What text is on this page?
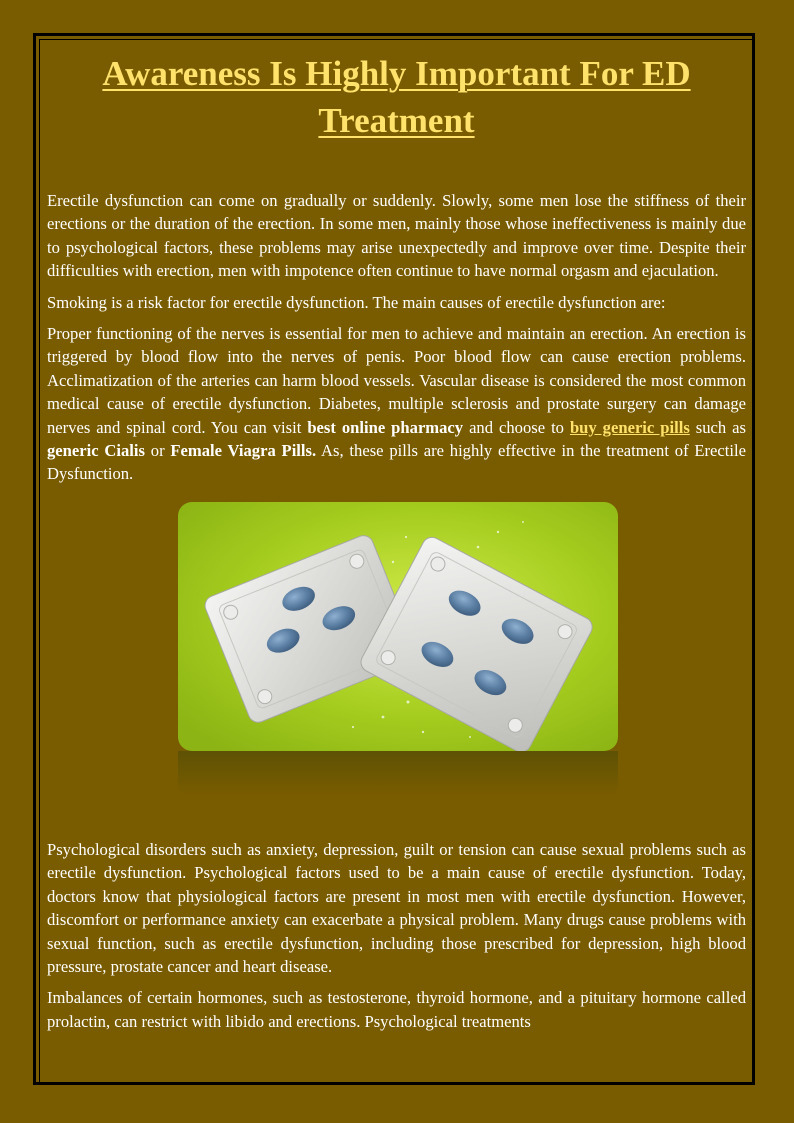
Awareness Is Highly Important For ED Treatment

Erectile dysfunction can come on gradually or suddenly. Slowly, some men lose the stiffness of their erections or the duration of the erection. In some men, mainly those whose ineffectiveness is mainly due to psychological factors, these problems may arise unexpectedly and improve over time. Despite their difficulties with erection, men with impotence often continue to have normal orgasm and ejaculation.

Smoking is a risk factor for erectile dysfunction. The main causes of erectile dysfunction are:

Proper functioning of the nerves is essential for men to achieve and maintain an erection. An erection is triggered by blood flow into the nerves of penis. Poor blood flow can cause erection problems. Acclimatization of the arteries can harm blood vessels. Vascular disease is considered the most common medical cause of erectile dysfunction. Diabetes, multiple sclerosis and prostate surgery can damage nerves and spinal cord. You can visit best online pharmacy and choose to buy generic pills such as generic Cialis or Female Viagra Pills. As, these pills are highly effective in the treatment of Erectile Dysfunction.

Psychological disorders such as anxiety, depression, guilt or tension can cause sexual problems such as erectile dysfunction. Psychological factors used to be a main cause of erectile dysfunction. Today, doctors know that physiological factors are present in most men with erectile dysfunction. However, discomfort or performance anxiety can exacerbate a physical problem. Many drugs cause problems with sexual function, such as erectile dysfunction, including those prescribed for depression, high blood pressure, prostate cancer and heart disease.

Imbalances of certain hormones, such as testosterone, thyroid hormone, and a pituitary hormone called prolactin, can restrict with libido and erections. Psychological treatments
